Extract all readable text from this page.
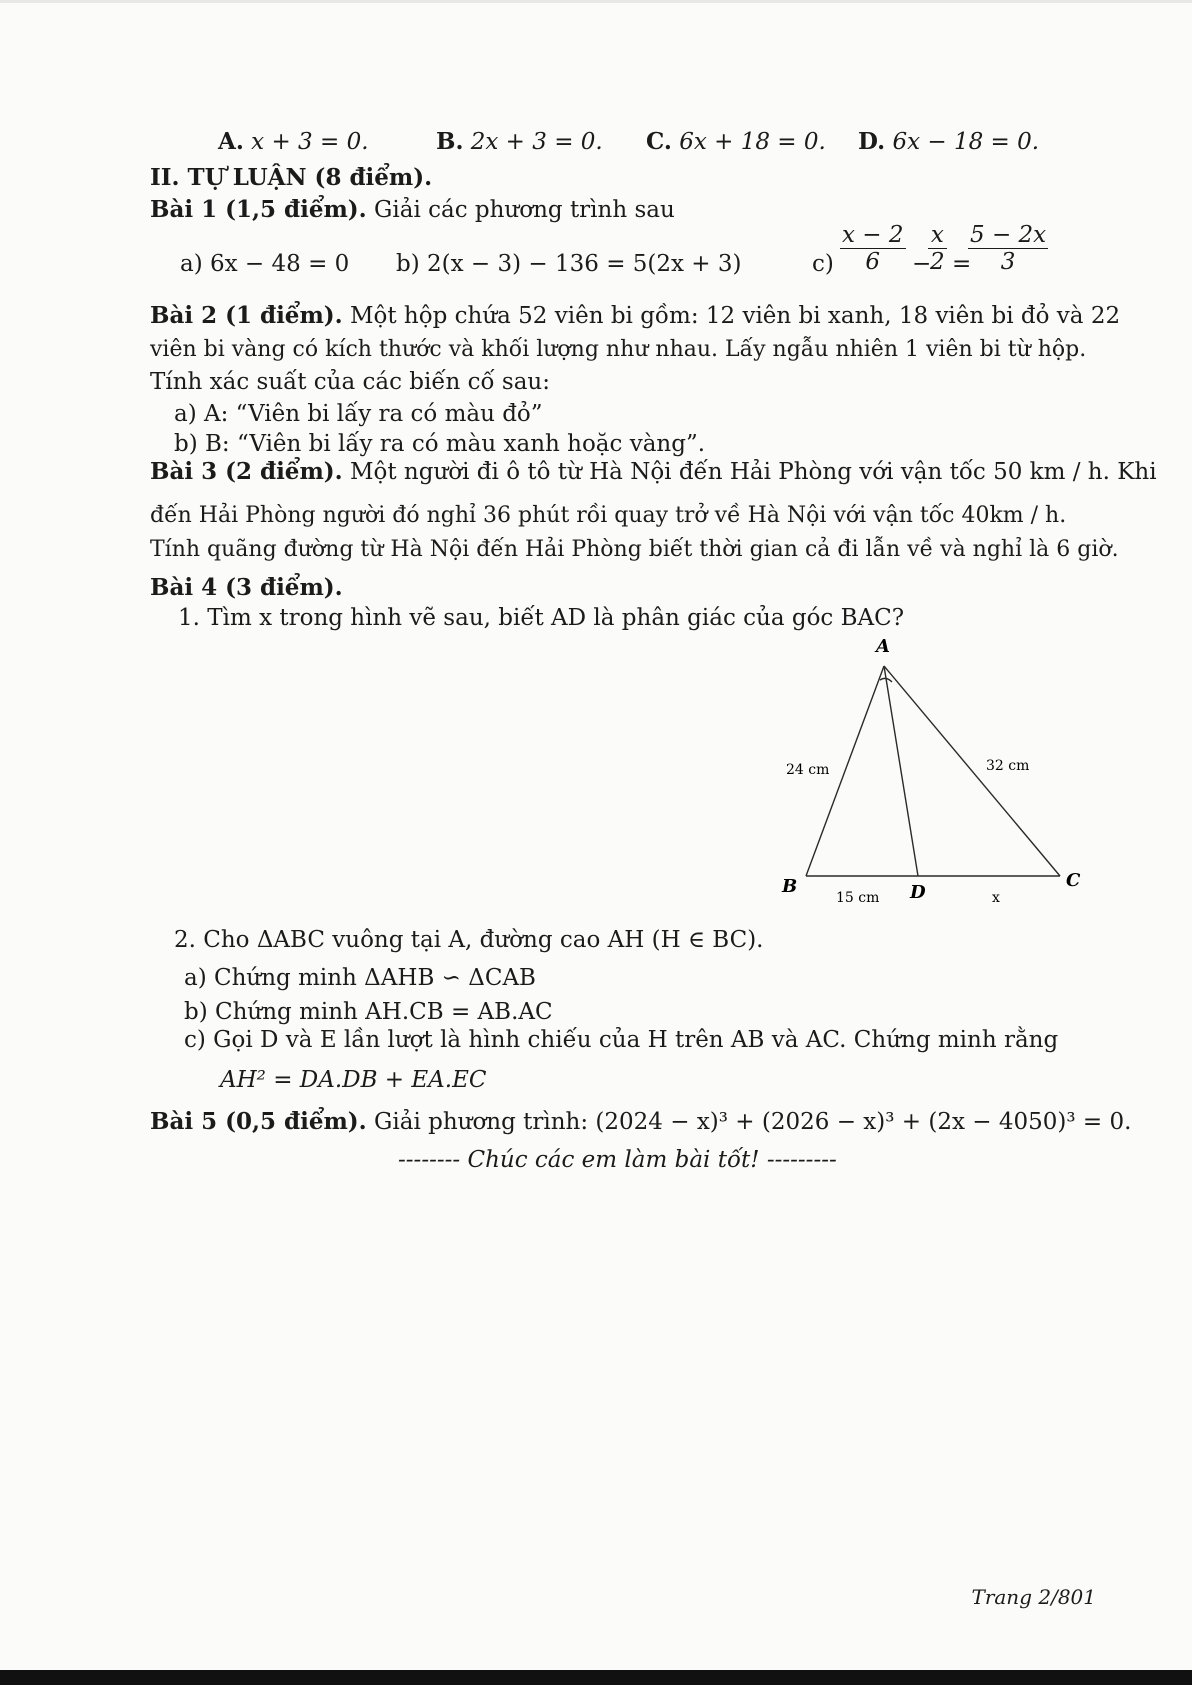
A. x + 3 = 0.	B. 2x + 3 = 0. C. 6x + 18 = 0. D. 6x − 18 = 0.
II. TỰ LUẬN (8 điểm).
Bài 1 (1,5 điểm). Giải các phương trình sau
a) 6x − 48 = 0 b) 2(x − 3) − 136 = 5(2x + 3)	$c) \frac{x - 2}{6}$ −
$\frac{x}{2}$ =
$\frac{5 - 2x}{3}$
Bài 2 (1 điểm). Một hộp chứa 52 viên bi gồm: 12 viên bi xanh, 18 viên bi đỏ và 22
viên bi vàng có kích thước và khối lượng như nhau. Lấy ngẫu nhiên 1 viên bi từ hộp.
Tính xác suất của các biến cố sau:
a) A: “Viên bi lấy ra có màu đỏ”
b) B: “Viên bi lấy ra có màu xanh hoặc vàng”.
Bài 3 (2 điểm). Một người đi ô tô từ Hà Nội đến Hải Phòng với vận tốc 50 km / h. Khi
đến Hải Phòng người đó nghỉ 36 phút rồi quay trở về Hà Nội với vận tốc 40km / h.
Tính quãng đường từ Hà Nội đến Hải Phòng biết thời gian cả đi lẫn về và nghỉ là 6 giờ.
Bài 4 (3 điểm).
1. Tìm x trong hình vẽ sau, biết AD là phân giác của góc BAC?
A
B	C
D
24 cm	32 cm
15 cm	x
2. Cho ΔABC vuông tại A, đường cao AH (H ∈ BC).
a) Chứng minh ΔAHB ∽ ΔCAB
b) Chứng minh AH.CB = AB.AC
c) Gọi D và E lần lượt là hình chiếu của H trên AB và AC. Chứng minh rằng
AH² = DA.DB + EA.EC
Bài 5 (0,5 điểm). Giải phương trình: (2024 − x)³ + (2026 − x)³ + (2x − 4050)³ = 0.
-------- Chúc các em làm bài tốt! ---------
Trang 2/801
